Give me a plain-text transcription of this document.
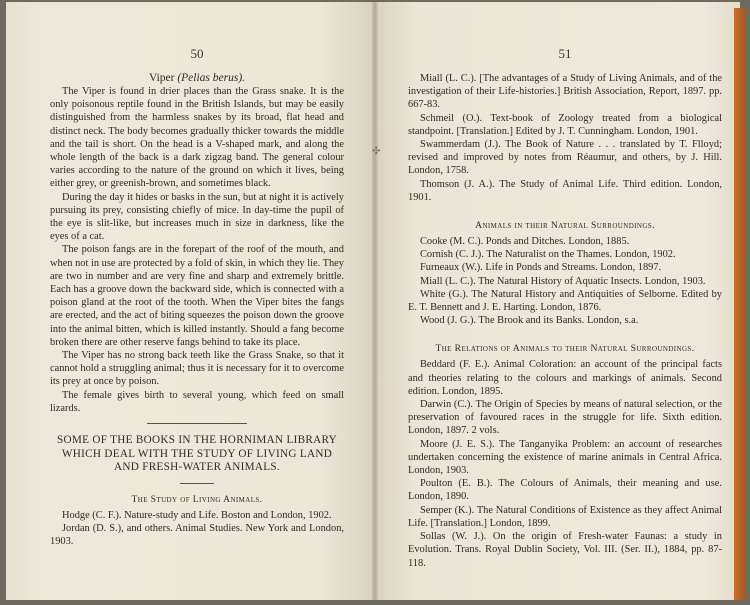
50
Viper (Pelias berus).

The Viper is found in drier places than the Grass snake. It is the only poisonous reptile found in the British Islands, but may be easily distinguished from the harmless snakes by its broad, flat head and distinct neck. The body becomes gradually thicker towards the middle and the tail is short. On the head is a V-shaped mark, and along the whole length of the back is a dark zigzag band. The general colour varies according to the nature of the ground on which it lives, being either grey, or greenish-brown, and sometimes black.

During the day it hides or basks in the sun, but at night it is actively pursuing its prey, consisting chiefly of mice. In day-time the pupil of the eye is slit-like, but increases much in size in darkness, like the eyes of a cat.

The poison fangs are in the forepart of the roof of the mouth, and when not in use are protected by a fold of skin, in which they lie. They are two in number and are very fine and sharp and extremely brittle. Each has a groove down the backward side, which is connected with a poison gland at the root of the tooth. When the Viper bites the fangs are erected, and the act of biting squeezes the poison down the groove into the animal bitten, which is killed instantly. Should a fang become broken there are other reserve fangs behind to take its place.

The Viper has no strong back teeth like the Grass Snake, so that it cannot hold a struggling animal; thus it is necessary for it to overcome its prey at once by poison.

The female gives birth to several young, which feed on small lizards.

SOME OF THE BOOKS IN THE HORNIMAN LIBRARY WHICH DEAL WITH THE STUDY OF LIVING LAND AND FRESH-WATER ANIMALS.
The Study of Living Animals.

Hodge (C. F.). Nature-study and Life. Boston and London, 1902.

Jordan (D. S.), and others. Animal Studies. New York and London, 1903.

51

Miall (L. C.). [The advantages of a Study of Living Animals, and of the investigation of their Life-histories.] British Association, Report, 1897. pp. 667-83.

Schmeil (O.). Text-book of Zoology treated from a biological standpoint. [Translation.] Edited by J. T. Cunningham. London, 1901.

Swammerdam (J.). The Book of Nature . . . translated by T. Flloyd; revised and improved by notes from Réaumur, and others, by J. Hill. London, 1758.

Thomson (J. A.). The Study of Animal Life. Third edition. London, 1901.

Animals in their Natural Surroundings.

Cooke (M. C.). Ponds and Ditches. London, 1885.

Cornish (C. J.). The Naturalist on the Thames. London, 1902.

Furneaux (W.). Life in Ponds and Streams. London, 1897.

Miall (L. C.). The Natural History of Aquatic Insects. London, 1903.

White (G.). The Natural History and Antiquities of Selborne. Edited by E. T. Bennett and J. E. Harting. London, 1876.

Wood (J. G.). The Brook and its Banks. London, s.a.

The Relations of Animals to their Natural Surroundings.

Beddard (F. E.). Animal Coloration: an account of the principal facts and theories relating to the colours and markings of animals. Second edition. London, 1895.

Darwin (C.). The Origin of Species by means of natural selection, or the preservation of favoured races in the struggle for life. Sixth edition. London, 1897. 2 vols.

Moore (J. E. S.). The Tanganyika Problem: an account of researches undertaken concerning the existence of marine animals in Central Africa. London, 1903.

Poulton (E. B.). The Colours of Animals, their meaning and use. London, 1890.

Semper (K.). The Natural Conditions of Existence as they affect Animal Life. [Translation.] London, 1899.

Sollas (W. J.). On the origin of Fresh-water Faunas: a study in Evolution. Trans. Royal Dublin Society, Vol. III. (Ser. II.), 1884, pp. 87-118.

✣
